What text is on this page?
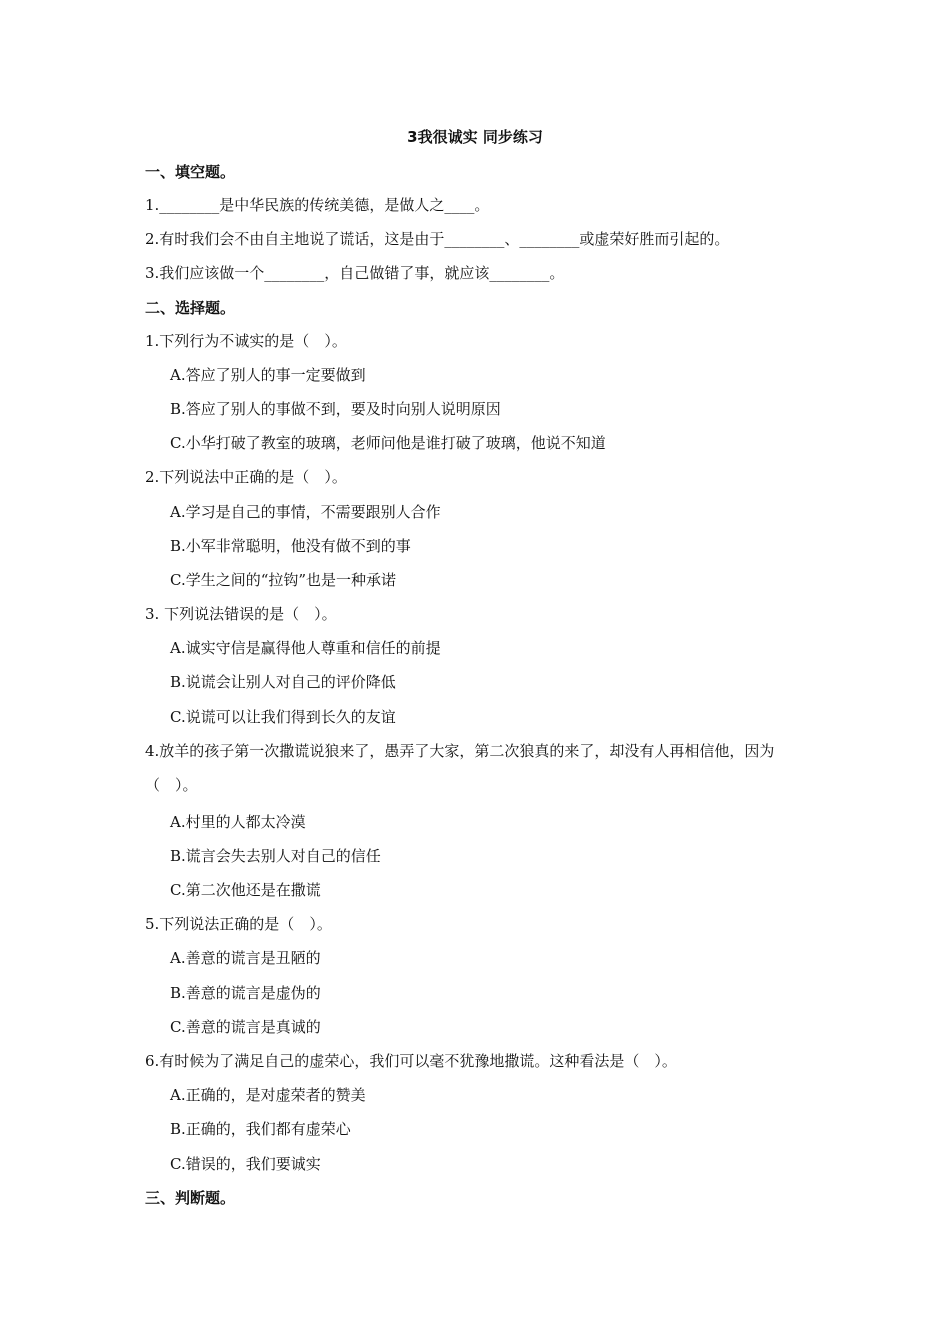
3我很诚实 同步练习
一、填空题。
1.________是中华民族的传统美德，是做人之____。
2.有时我们会不由自主地说了谎话，这是由于________、________或虚荣好胜而引起的。
3.我们应该做一个________，自己做错了事，就应该________。
二、选择题。
1.下列行为不诚实的是（　）。
A.答应了别人的事一定要做到
B.答应了别人的事做不到，要及时向别人说明原因
C.小华打破了教室的玻璃，老师问他是谁打破了玻璃，他说不知道
2.下列说法中正确的是（　）。
A.学习是自己的事情，不需要跟别人合作
B.小军非常聪明，他没有做不到的事
C.学生之间的“拉钩”也是一种承诺
3. 下列说法错误的是（　）。
A.诚实守信是赢得他人尊重和信任的前提
B.说谎会让别人对自己的评价降低
C.说谎可以让我们得到长久的友谊
4.放羊的孩子第一次撒谎说狼来了，愚弄了大家，第二次狼真的来了，却没有人再相信他，因为（　）。
A.村里的人都太冷漠
B.谎言会失去别人对自己的信任
C.第二次他还是在撒谎
5.下列说法正确的是（　）。
A.善意的谎言是丑陋的
B.善意的谎言是虚伪的
C.善意的谎言是真诚的
6.有时候为了满足自己的虚荣心，我们可以毫不犹豫地撒谎。这种看法是（　）。
A.正确的，是对虚荣者的赞美
B.正确的，我们都有虚荣心
C.错误的，我们要诚实
三、判断题。
